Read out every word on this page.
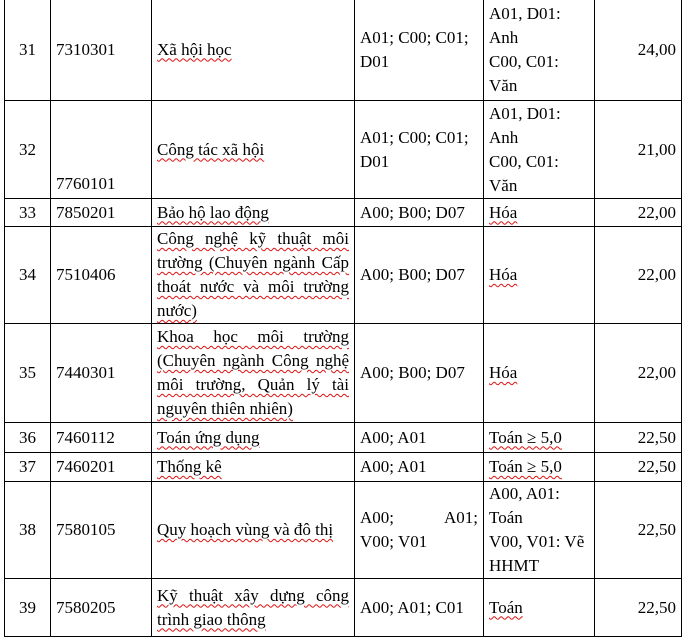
31	7310301	Xã hội học	A01; C00; C01; D01	A01, D01: Anh
C00, C01: Văn	24,00
32	7760101	Công tác xã hội	A01; C00; C01; D01	A01, D01: Anh
C00, C01: Văn	21,00
33	7850201	Bảo hộ lao động	A00; B00; D07	Hóa	22,00
34	7510406	Công nghệ kỹ thuật môi trường (Chuyên ngành Cấp thoát nước và môi trường nước)	A00; B00; D07	Hóa	22,00
35	7440301	Khoa học môi trường (Chuyên ngành Công nghệ môi trường, Quản lý tài nguyên thiên nhiên)	A00; B00; D07	Hóa	22,00
36	7460112	Toán ứng dụng	A00; A01	Toán ≥ 5,0	22,50
37	7460201	Thống kê	A00; A01	Toán ≥ 5,0	22,50
38	7580105	Quy hoạch vùng và đô thị	A00; A01;
V00; V01	A00, A01: Toán
V00, V01: Vẽ HHMT	22,50
39	7580205	Kỹ thuật xây dựng công trình giao thông	A00; A01; C01	Toán	22,50
